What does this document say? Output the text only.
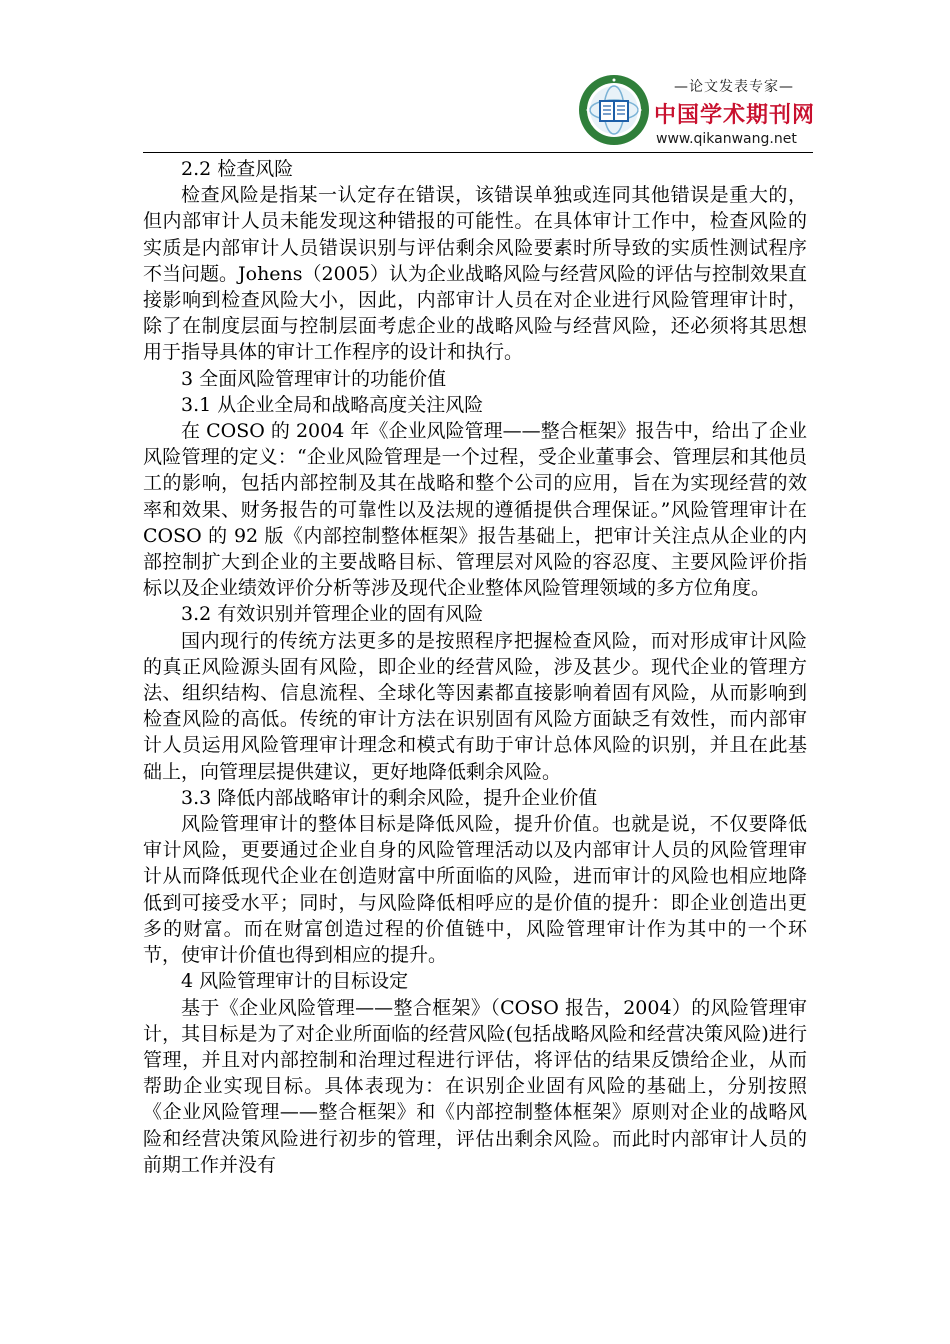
—论文发表专家—
中国学术期刊网
www.qikanwang.net

2.2 检查风险

检查风险是指某一认定存在错误，该错误单独或连同其他错误是重大的，但内部审计人员未能发现这种错报的可能性。在具体审计工作中，检查风险的实质是内部审计人员错误识别与评估剩余风险要素时所导致的实质性测试程序不当问题。Johens（2005）认为企业战略风险与经营风险的评估与控制效果直接影响到检查风险大小，因此，内部审计人员在对企业进行风险管理审计时，除了在制度层面与控制层面考虑企业的战略风险与经营风险，还必须将其思想用于指导具体的审计工作程序的设计和执行。

3 全面风险管理审计的功能价值

3.1 从企业全局和战略高度关注风险

在 COSO 的 2004 年《企业风险管理——整合框架》报告中，给出了企业风险管理的定义：“企业风险管理是一个过程，受企业董事会、管理层和其他员工的影响，包括内部控制及其在战略和整个公司的应用，旨在为实现经营的效率和效果、财务报告的可靠性以及法规的遵循提供合理保证。”风险管理审计在 COSO 的 92 版《内部控制整体框架》报告基础上，把审计关注点从企业的内部控制扩大到企业的主要战略目标、管理层对风险的容忍度、主要风险评价指标以及企业绩效评价分析等涉及现代企业整体风险管理领域的多方位角度。

3.2 有效识别并管理企业的固有风险

国内现行的传统方法更多的是按照程序把握检查风险，而对形成审计风险的真正风险源头固有风险，即企业的经营风险，涉及甚少。现代企业的管理方法、组织结构、信息流程、全球化等因素都直接影响着固有风险，从而影响到检查风险的高低。传统的审计方法在识别固有风险方面缺乏有效性，而内部审计人员运用风险管理审计理念和模式有助于审计总体风险的识别，并且在此基础上，向管理层提供建议，更好地降低剩余风险。

3.3 降低内部战略审计的剩余风险，提升企业价值

风险管理审计的整体目标是降低风险，提升价值。也就是说，不仅要降低审计风险，更要通过企业自身的风险管理活动以及内部审计人员的风险管理审计从而降低现代企业在创造财富中所面临的风险，进而审计的风险也相应地降低到可接受水平；同时，与风险降低相呼应的是价值的提升：即企业创造出更多的财富。而在财富创造过程的价值链中，风险管理审计作为其中的一个环节，使审计价值也得到相应的提升。

4 风险管理审计的目标设定

基于《企业风险管理——整合框架》（COSO 报告，2004）的风险管理审计，其目标是为了对企业所面临的经营风险(包括战略风险和经营决策风险)进行管理，并且对内部控制和治理过程进行评估，将评估的结果反馈给企业，从而帮助企业实现目标。具体表现为：在识别企业固有风险的基础上，分别按照《企业风险管理——整合框架》和《内部控制整体框架》原则对企业的战略风险和经营决策风险进行初步的管理，评估出剩余风险。而此时内部审计人员的前期工作并没有
